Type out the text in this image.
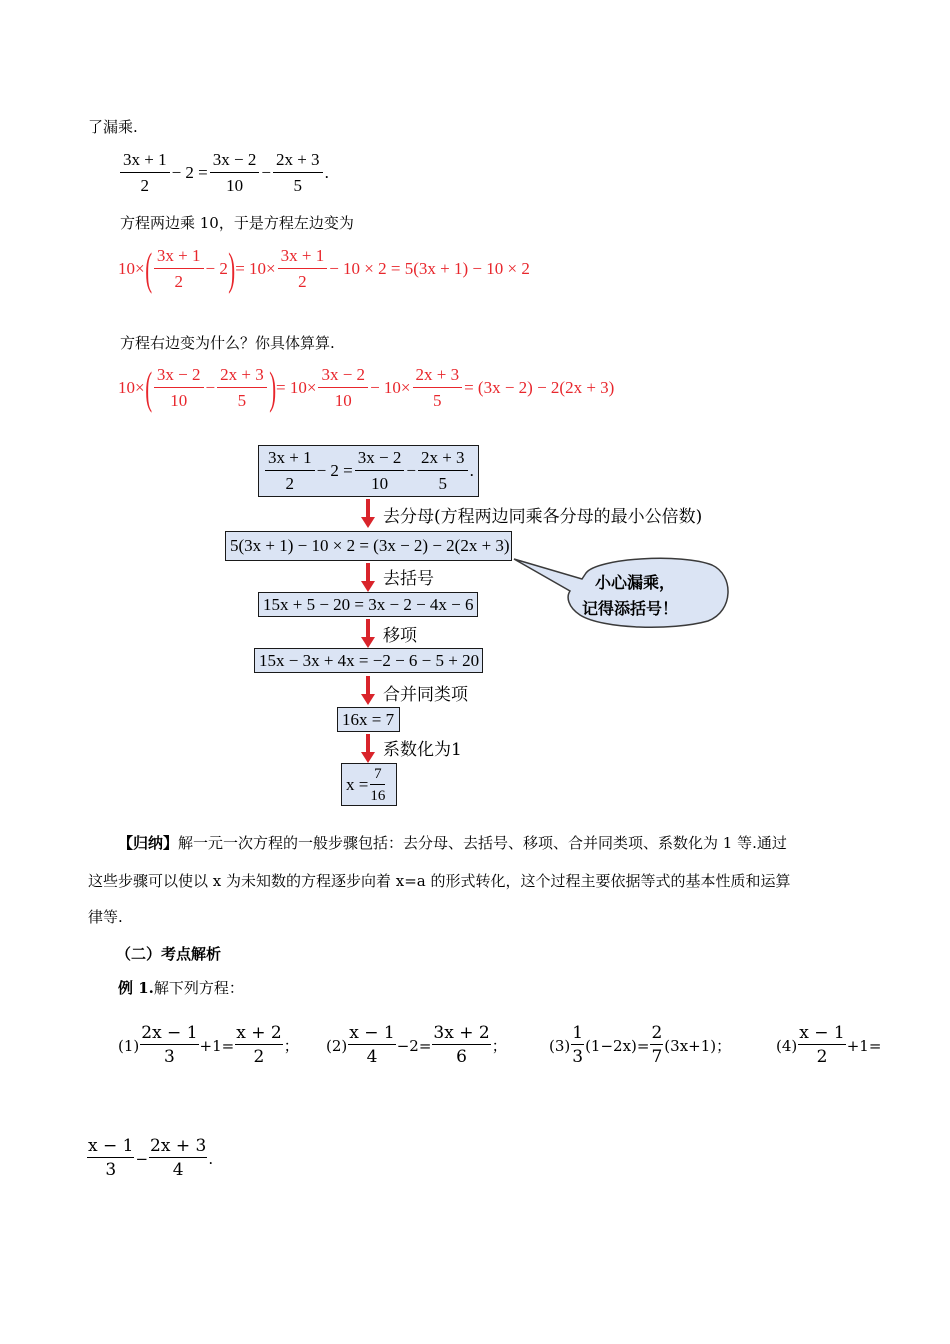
了漏乘.
$\frac{3x + 1}{2} - 2 = \frac{3x - 2}{10} - \frac{2x + 3}{5}$ .
方程两边乘 10，于是方程左边变为
10× ( $\frac{3x + 1}{2} - 2$ ) = $10\times \frac{3x + 1}{2} - 10 \times 2 = 5(3x + 1) - 10 \times 2$
方程右边变为什么？你具体算算.
10× ( $\frac{3x - 2}{10} - \frac{2x + 3}{5}$ ) = $10\times \frac{3x - 2}{10} - 10\times \frac{2x + 3}{5} = (3x - 2) - 2(2x + 3)$
$\frac{3x + 1}{2} - 2 = \frac{3x - 2}{10} - \frac{2x + 3}{5}$ .
去分母(方程两边同乘各分母的最小公倍数)
5(3x + 1) − 10 × 2 = (3x − 2) − 2(2x + 3)
去括号	小心漏乘，
记得添括号！
15x + 5 − 20 = 3x − 2 − 4x − 6
移项
15x − 3x + 4x = −2 − 6 − 5 + 20
合并同类项
16x = 7
系数化为1
$x = \frac{7}{16}$
【归纳】解一元一次方程的一般步骤包括：去分母、去括号、移项、合并同类项、系数化为 1 等.通过
这些步骤可以使以 x 为未知数的方程逐步向着 x=a 的形式转化，这个过程主要依据等式的基本性质和运算
律等.
（二）考点解析
例 1.解下列方程：
(1)
2x − 1
3
$+1= \frac{x + 2}{2}$ ； (2)
x − 1
4
$-2= \frac{3x + 2}{6}$ ；	(3)
1
3
$(1-2x)= \frac{2}{7} (3x+1)$；	(4)
x − 1
2
+1=
x − 1
3
− $\frac{2x + 3}{4}$ .
